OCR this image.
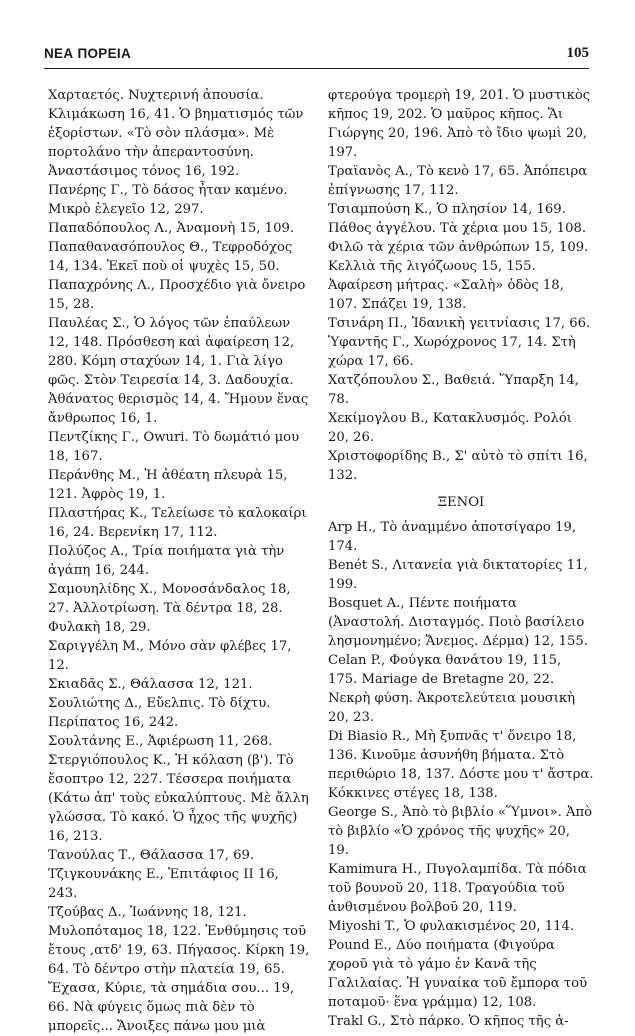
ΝΕΑ ΠΟΡΕΙΑ	105
Χαρταετός. Νυχτερινή ἀπουσία. Κλιμάκωση 16, 41. Ὁ βηματισμός τῶν ἐξορίστων. «Τὸ σὸν πλάσμα». Μὲ πορτολάνο τὴν ἀπεραντοσύνη. Ἀναστάσιμος τόνος 16, 192.
Πανέρης Γ., Τὸ δάσος ἦταν καμένο. Μικρὸ ἐλεγεῖο 12, 297.
Παπαδόπουλος Λ., Ἀναμονὴ 15, 109.
Παπαθανασόπουλος Θ., Τεφροδόχος 14, 134. Ἐκεῖ ποὺ οἱ ψυχὲς 15, 50.
Παπαχρόνης Λ., Προσχέδιο γιὰ ὄνειρο 15, 28.
Παυλέας Σ., Ὁ λόγος τῶν ἐπαύλεων 12, 148. Πρόσθεση καὶ ἀφαίρεση 12, 280. Κόμη σταχύων 14, 1. Γιὰ λίγο φῶς. Στὸν Τειρεσία 14, 3. Δαδουχία. Ἀθάνατος θερισμὸς 14, 4. Ἤμουν ἕνας ἄνθρωπος 16, 1.
Πεντζίκης Γ., Owuri. Τὸ δωμάτιό μου 18, 167.
Περάνθης Μ., Ἡ ἀθέατη πλευρὰ 15, 121. Ἀφρὸς 19, 1.
Πλαστήρας Κ., Τελείωσε τὸ καλοκαίρι 16, 24. Βερενίκη 17, 112.
Πολύζος Α., Τρία ποιήματα γιὰ τὴν ἀγάπη 16, 244.
Σαμουηλίδης Χ., Μονοσάνδαλος 18, 27. Ἀλλοτρίωση. Τὰ δέντρα 18, 28. Φυλακὴ 18, 29.
Σαριγγέλη Μ., Μόνο σὰν φλέβες 17, 12.
Σκιαδᾶς Σ., Θάλασσα 12, 121.
Σουλιώτης Δ., Εὔελπις. Τὸ δίχτυ. Περίπατος 16, 242.
Σουλτάνης Ε., Ἀφιέρωση 11, 268.
Στεργιόπουλος Κ., Ἡ κόλαση (β'). Τὸ ἔσοπτρο 12, 227. Τέσσερα ποιήματα (Κάτω ἀπ' τοὺς εὐκαλύπτους. Μὲ ἄλλη γλώσσα. Τὸ κακό. Ὁ ἦχος τῆς ψυχῆς) 16, 213.
Τανούλας Τ., Θάλασσα 17, 69.
Τζιγκουνάκης Ε., Ἐπιτάφιος ΙΙ 16, 243.
Τζούβας Δ., Ἰωάννης 18, 121. Μυλοπόταμος 18, 122. Ἐνθύμησις τοῦ ἔτους ,ατδ' 19, 63. Πήγασος. Κίρκη 19, 64. Τὸ δέντρο στὴν πλατεία 19, 65. Ἔχασα, Κύριε, τὰ σημάδια σου... 19, 66. Νὰ φύγεις ὅμως πιὰ δὲν τὸ μπορεῖς... Ἄνοιξες πάνω μου μιὰ
φτερούγα τρομερὴ 19, 201. Ὁ μυστικὸς κῆπος 19, 202. Ὁ μαῦρος κῆπος. Ἅι Γιώργης 20, 196. Ἀπὸ τὸ ἴδιο ψωμὶ 20, 197.
Τραϊανὸς Α., Τὸ κενὸ 17, 65. Ἀπόπειρα ἐπίγνωσης 17, 112.
Τσιαμπούση Κ., Ὁ πλησίον 14, 169. Πάθος ἀγγέλου. Τὰ χέρια μου 15, 108. Φιλῶ τὰ χέρια τῶν ἀνθρώπων 15, 109. Κελλιὰ τῆς λιγόζωους 15, 155. Ἀφαίρεση μήτρας. «Σαλὴ» ὁδὸς 18, 107. Σπάζει 19, 138.
Τσινάρη Π., Ἰδανικὴ γειτνίασις 17, 66.
Ὑφαντῆς Γ., Χωρόχρονος 17, 14. Στὴ χώρα 17, 66.
Χατζόπουλου Σ., Βαθειά. Ὕπαρξη 14, 78.
Χεκίμογλου Β., Κατακλυσμός. Ρολόι 20, 26.
Χριστοφορίδης Β., Σ' αὐτὸ τὸ σπίτι 16, 132.
ΞΕΝΟΙ
Arp H., Τὸ ἀναμμένο ἀποτσίγαρο 19, 174.
Benét S., Λιτανεία γιὰ δικτατορίες 11, 199.
Bosquet A., Πέντε ποιήματα (Ἀναστολή. Δισταγμός. Ποιὸ βασίλειο λησμονημένο; Ἄνεμος. Δέρμα) 12, 155.
Celan P., Φούγκα θανάτου 19, 115, 175. Mariage de Bretagne 20, 22. Νεκρὴ φύση. Ἀκροτελεύτεια μουσικὴ 20, 23.
Di Biasio R., Μὴ ξυπνᾶς τ' ὄνειρο 18, 136. Κινοῦμε ἀσυνήθη βήματα. Στὸ περιθώριο 18, 137. Δόστε μου τ' ἄστρα. Κόκκινες στέγες 18, 138.
George S., Ἀπὸ τὸ βιβλίο «Ὕμνοι». Ἀπὸ τὸ βιβλίο «Ὁ χρόνος τῆς ψυχῆς» 20, 19.
Kamimura H., Πυγολαμπίδα. Τὰ πόδια τοῦ βουνοῦ 20, 118. Τραγούδια τοῦ ἀνθισμένου βολβοῦ 20, 119.
Miyoshi T., Ὁ φυλακισμένος 20, 114.
Pound E., Δύο ποιήματα (Φιγούρα χοροῦ γιὰ τὸ γάμο ἐν Κανᾶ τῆς Γαλιλαίας. Ἡ γυναίκα τοῦ ἔμπορα τοῦ ποταμοῦ· ἕνα γράμμα) 12, 108.
Trakl G., Στὸ πάρκο. Ὁ κῆπος τῆς ἀ-
